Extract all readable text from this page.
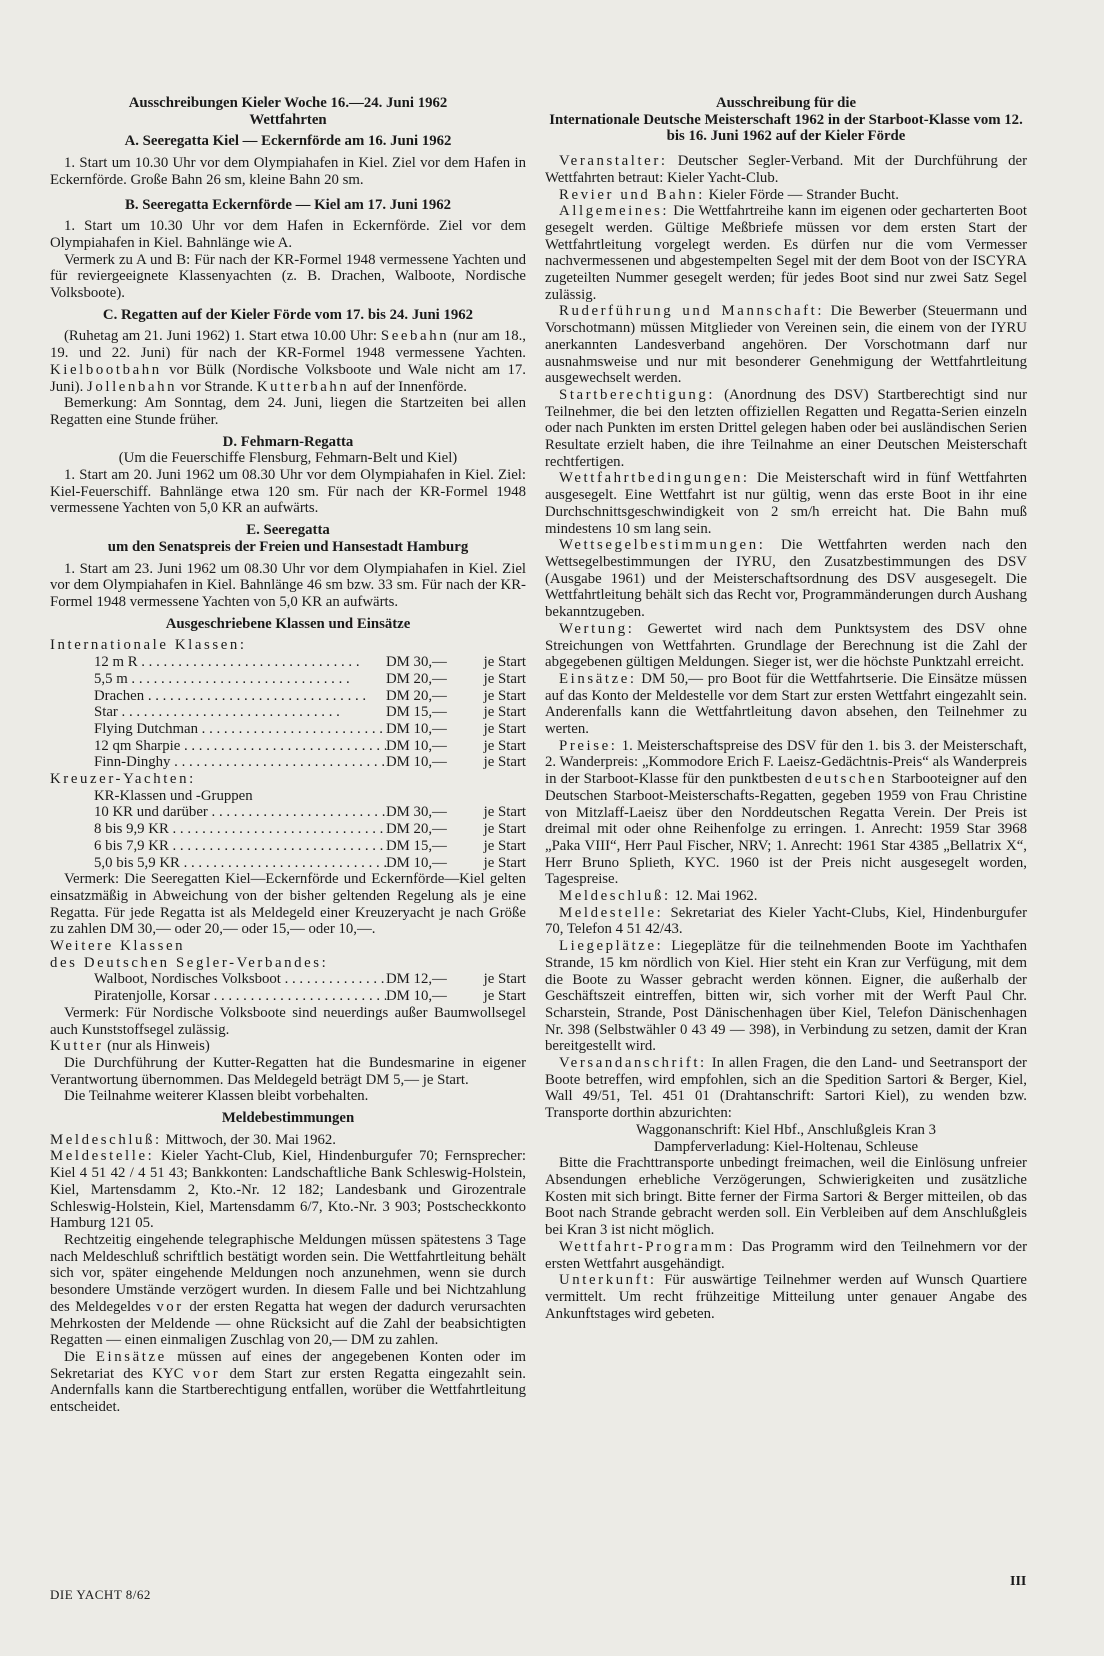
Ausschreibungen Kieler Woche 16.—24. Juni 1962

Wettfahrten

A. Seeregatta Kiel — Eckernförde am 16. Juni 1962

1. Start um 10.30 Uhr vor dem Olympiahafen in Kiel. Ziel vor dem Hafen in Eckernförde. Große Bahn 26 sm, kleine Bahn 20 sm.

B. Seeregatta Eckernförde — Kiel am 17. Juni 1962

1. Start um 10.30 Uhr vor dem Hafen in Eckernförde. Ziel vor dem Olympiahafen in Kiel. Bahnlänge wie A.

Vermerk zu A und B: Für nach der KR-Formel 1948 vermessene Yachten und für reviergeeignete Klassenyachten (z. B. Drachen, Walboote, Nordische Volksboote).

C. Regatten auf der Kieler Förde vom 17. bis 24. Juni 1962

(Ruhetag am 21. Juni 1962) 1. Start etwa 10.00 Uhr: Seebahn (nur am 18., 19. und 22. Juni) für nach der KR-Formel 1948 vermessene Yachten. Kielbootbahn vor Bülk (Nordische Volksboote und Wale nicht am 17. Juni). Jollenbahn vor Strande. Kutterbahn auf der Innenförde.

Bemerkung: Am Sonntag, dem 24. Juni, liegen die Startzeiten bei allen Regatten eine Stunde früher.

D. Fehmarn-Regatta

(Um die Feuerschiffe Flensburg, Fehmarn-Belt und Kiel)

1. Start am 20. Juni 1962 um 08.30 Uhr vor dem Olympiahafen in Kiel. Ziel: Kiel-Feuerschiff. Bahnlänge etwa 120 sm. Für nach der KR-Formel 1948 vermessene Yachten von 5,0 KR an aufwärts.

E. Seeregatta

um den Senatspreis der Freien und Hansestadt Hamburg

1. Start am 23. Juni 1962 um 08.30 Uhr vor dem Olympiahafen in Kiel. Ziel vor dem Olympiahafen in Kiel. Bahnlänge 46 sm bzw. 33 sm. Für nach der KR-Formel 1948 vermessene Yachten von 5,0 KR an aufwärts.

Ausgeschriebene Klassen und Einsätze

Internationale Klassen:

12 m R . . .	DM 30,—	je Start
5,5 m . . .	DM 20,—	je Start
Drachen . . .	DM 20,—	je Start
Star . . .	DM 15,—	je Start
Flying Dutchman . . .	DM 10,—	je Start
12 qm Sharpie . . .	DM 10,—	je Start
Finn-Dinghy . . .	DM 10,—	je Start

Kreuzer-Yachten:

KR-Klassen und -Gruppen

10 KR und darüber . . .	DM 30,—	je Start
8 bis 9,9 KR . . .	DM 20,—	je Start
6 bis 7,9 KR . . .	DM 15,—	je Start
5,0 bis 5,9 KR . . .	DM 10,—	je Start

Vermerk: Die Seeregatten Kiel—Eckernförde und Eckernförde—Kiel gelten einsatzmäßig in Abweichung von der bisher geltenden Regelung als je eine Regatta. Für jede Regatta ist als Meldegeld einer Kreuzeryacht je nach Größe zu zahlen DM 30,— oder 20,— oder 15,— oder 10,—.

Weitere Klassen

des Deutschen Segler-Verbandes:

Walboot, Nordisches Volksboot . . .	DM 12,—	je Start
Piratenjolle, Korsar . . .	DM 10,—	je Start

Vermerk: Für Nordische Volksboote sind neuerdings außer Baumwollsegel auch Kunststoffsegel zulässig.

Kutter (nur als Hinweis)

Die Durchführung der Kutter-Regatten hat die Bundesmarine in eigener Verantwortung übernommen. Das Meldegeld beträgt DM 5,— je Start.

Die Teilnahme weiterer Klassen bleibt vorbehalten.

Meldebestimmungen

Meldeschluß: Mittwoch, der 30. Mai 1962.

Meldestelle: Kieler Yacht-Club, Kiel, Hindenburgufer 70; Fernsprecher: Kiel 4 51 42 / 4 51 43; Bankkonten: Landschaftliche Bank Schleswig-Holstein, Kiel, Martensdamm 2, Kto.-Nr. 12 182; Landesbank und Girozentrale Schleswig-Holstein, Kiel, Martensdamm 6/7, Kto.-Nr. 3 903; Postscheckkonto Hamburg 121 05.

Rechtzeitig eingehende telegraphische Meldungen müssen spätestens 3 Tage nach Meldeschluß schriftlich bestätigt worden sein. Die Wettfahrtleitung behält sich vor, später eingehende Meldungen noch anzunehmen, wenn sie durch besondere Umstände verzögert wurden. In diesem Falle und bei Nichtzahlung des Meldegeldes vor der ersten Regatta hat wegen der dadurch verursachten Mehrkosten der Meldende — ohne Rücksicht auf die Zahl der beabsichtigten Regatten — einen einmaligen Zuschlag von 20,— DM zu zahlen.

Die Einsätze müssen auf eines der angegebenen Konten oder im Sekretariat des KYC vor dem Start zur ersten Regatta eingezahlt sein. Andernfalls kann die Startberechtigung entfallen, worüber die Wettfahrtleitung entscheidet.

Ausschreibung für die

Internationale Deutsche Meisterschaft 1962 in der Starboot-Klasse vom 12. bis 16. Juni 1962 auf der Kieler Förde

Veranstalter: Deutscher Segler-Verband. Mit der Durchführung der Wettfahrten betraut: Kieler Yacht-Club.

Revier und Bahn: Kieler Förde — Strander Bucht.

Allgemeines: Die Wettfahrtreihe kann im eigenen oder gecharterten Boot gesegelt werden. Gültige Meßbriefe müssen vor dem ersten Start der Wettfahrtleitung vorgelegt werden. Es dürfen nur die vom Vermesser nachvermessenen und abgestempelten Segel mit der dem Boot von der ISCYRA zugeteilten Nummer gesegelt werden; für jedes Boot sind nur zwei Satz Segel zulässig.

Ruderführung und Mannschaft: Die Bewerber (Steuermann und Vorschotmann) müssen Mitglieder von Vereinen sein, die einem von der IYRU anerkannten Landesverband angehören. Der Vorschotmann darf nur ausnahmsweise und nur mit besonderer Genehmigung der Wettfahrtleitung ausgewechselt werden.

Startberechtigung: (Anordnung des DSV) Startberechtigt sind nur Teilnehmer, die bei den letzten offiziellen Regatten und Regatta-Serien einzeln oder nach Punkten im ersten Drittel gelegen haben oder bei ausländischen Serien Resultate erzielt haben, die ihre Teilnahme an einer Deutschen Meisterschaft rechtfertigen.

Wettfahrtbedingungen: Die Meisterschaft wird in fünf Wettfahrten ausgesegelt. Eine Wettfahrt ist nur gültig, wenn das erste Boot in ihr eine Durchschnittsgeschwindigkeit von 2 sm/h erreicht hat. Die Bahn muß mindestens 10 sm lang sein.

Wettsegelbestimmungen: Die Wettfahrten werden nach den Wettsegelbestimmungen der IYRU, den Zusatzbestimmungen des DSV (Ausgabe 1961) und der Meisterschaftsordnung des DSV ausgesegelt. Die Wettfahrtleitung behält sich das Recht vor, Programmänderungen durch Aushang bekanntzugeben.

Wertung: Gewertet wird nach dem Punktsystem des DSV ohne Streichungen von Wettfahrten. Grundlage der Berechnung ist die Zahl der abgegebenen gültigen Meldungen. Sieger ist, wer die höchste Punktzahl erreicht.

Einsätze: DM 50,— pro Boot für die Wettfahrtserie. Die Einsätze müssen auf das Konto der Meldestelle vor dem Start zur ersten Wettfahrt eingezahlt sein. Anderenfalls kann die Wettfahrtleitung davon absehen, den Teilnehmer zu werten.

Preise: 1. Meisterschaftspreise des DSV für den 1. bis 3. der Meisterschaft, 2. Wanderpreis: „Kommodore Erich F. Laeisz-Gedächtnis-Preis“ als Wanderpreis in der Starboot-Klasse für den punktbesten deutschen Starbooteigner auf den Deutschen Starboot-Meisterschafts-Regatten, gegeben 1959 von Frau Christine von Mitzlaff-Laeisz über den Norddeutschen Regatta Verein. Der Preis ist dreimal mit oder ohne Reihenfolge zu erringen. 1. Anrecht: 1959 Star 3968 „Paka VIII“, Herr Paul Fischer, NRV; 1. Anrecht: 1961 Star 4385 „Bellatrix X“, Herr Bruno Splieth, KYC. 1960 ist der Preis nicht ausgesegelt worden, Tagespreise.

Meldeschluß: 12. Mai 1962.

Meldestelle: Sekretariat des Kieler Yacht-Clubs, Kiel, Hindenburgufer 70, Telefon 4 51 42/43.

Liegeplätze: Liegeplätze für die teilnehmenden Boote im Yachthafen Strande, 15 km nördlich von Kiel. Hier steht ein Kran zur Verfügung, mit dem die Boote zu Wasser gebracht werden können. Eigner, die außerhalb der Geschäftszeit eintreffen, bitten wir, sich vorher mit der Werft Paul Chr. Scharstein, Strande, Post Dänischenhagen über Kiel, Telefon Dänischenhagen Nr. 398 (Selbstwähler 0 43 49 — 398), in Verbindung zu setzen, damit der Kran bereitgestellt wird.

Versandanschrift: In allen Fragen, die den Land- und Seetransport der Boote betreffen, wird empfohlen, sich an die Spedition Sartori & Berger, Kiel, Wall 49/51, Tel. 451 01 (Drahtanschrift: Sartori Kiel), zu wenden bzw. Transporte dorthin abzurichten:

Waggonanschrift: Kiel Hbf., Anschlußgleis Kran 3

Dampferverladung: Kiel-Holtenau, Schleuse

Bitte die Frachttransporte unbedingt freimachen, weil die Einlösung unfreier Absendungen erhebliche Verzögerungen, Schwierigkeiten und zusätzliche Kosten mit sich bringt. Bitte ferner der Firma Sartori & Berger mitteilen, ob das Boot nach Strande gebracht werden soll. Ein Verbleiben auf dem Anschlußgleis bei Kran 3 ist nicht möglich.

Wettfahrt-Programm: Das Programm wird den Teilnehmern vor der ersten Wettfahrt ausgehändigt.

Unterkunft: Für auswärtige Teilnehmer werden auf Wunsch Quartiere vermittelt. Um recht frühzeitige Mitteilung unter genauer Angabe des Ankunftstages wird gebeten.

DIE YACHT 8/62
III
